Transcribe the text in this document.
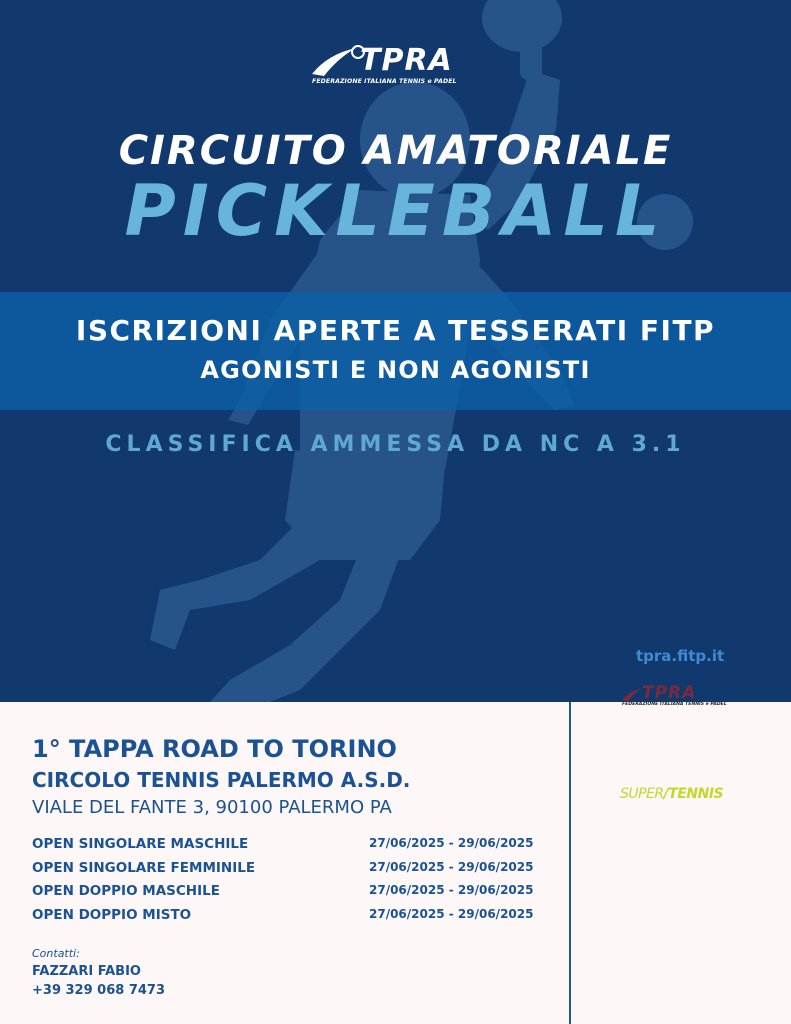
TPRA
FEDERAZIONE ITALIANA TENNIS e PADEL
CIRCUITO AMATORIALE
PICKLEBALL
ISCRIZIONI APERTE A TESSERATI FITP
AGONISTI E NON AGONISTI
CLASSIFICA AMMESSA DA NC A 3.1
tpra.fitp.it
TPRA
FEDERAZIONE ITALIANA TENNIS e PADEL
SUPER/TENNIS
1° TAPPA ROAD TO TORINO
CIRCOLO TENNIS PALERMO A.S.D.
VIALE DEL FANTE 3, 90100 PALERMO PA
OPEN SINGOLARE MASCHILE	27/06/2025 - 29/06/2025
OPEN SINGOLARE FEMMINILE	27/06/2025 - 29/06/2025
OPEN DOPPIO MASCHILE	27/06/2025 - 29/06/2025
OPEN DOPPIO MISTO	27/06/2025 - 29/06/2025
Contatti:
FAZZARI FABIO
+39 329 068 7473
